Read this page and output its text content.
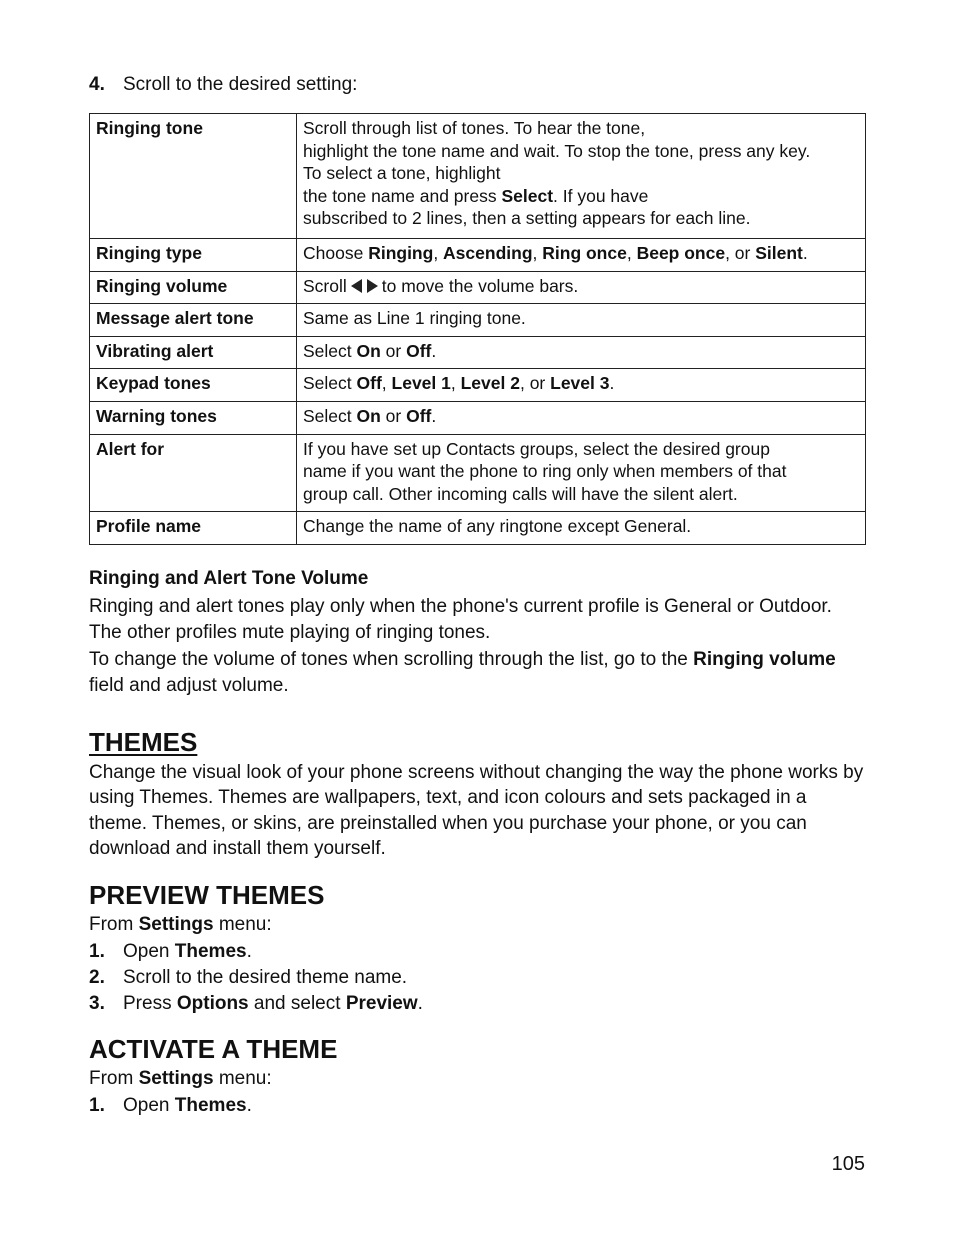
4. Scroll to the desired setting:
Ringing tone	Scroll through list of tones. To hear the tone,
highlight the tone name and wait. To stop the tone, press any key.
To select a tone, highlight
the tone name and press Select. If you have
subscribed to 2 lines, then a setting appears for each line.
Ringing type	Choose Ringing, Ascending, Ring once, Beep once, or Silent.
Ringing volume	Scroll to move the volume bars.
Message alert tone	Same as Line 1 ringing tone.
Vibrating alert	Select On or Off.
Keypad tones	Select Off, Level 1, Level 2, or Level 3.
Warning tones	Select On or Off.
Alert for	If you have set up Contacts groups, select the desired group
name if you want the phone to ring only when members of that
group call. Other incoming calls will have the silent alert.
Profile name	Change the name of any ringtone except General.
Ringing and Alert Tone Volume
Ringing and alert tones play only when the phone's current profile is General or Outdoor. The other profiles mute playing of ringing tones.
To change the volume of tones when scrolling through the list, go to the Ringing volume field and adjust volume.
THEMES
Change the visual look of your phone screens without changing the way the phone works by using Themes. Themes are wallpapers, text, and icon colours and sets packaged in a theme. Themes, or skins, are preinstalled when you purchase your phone, or you can download and install them yourself.
PREVIEW THEMES
From Settings menu:
1. Open Themes.
2. Scroll to the desired theme name.
3. Press Options and select Preview.
ACTIVATE A THEME
From Settings menu:
1. Open Themes.
105
